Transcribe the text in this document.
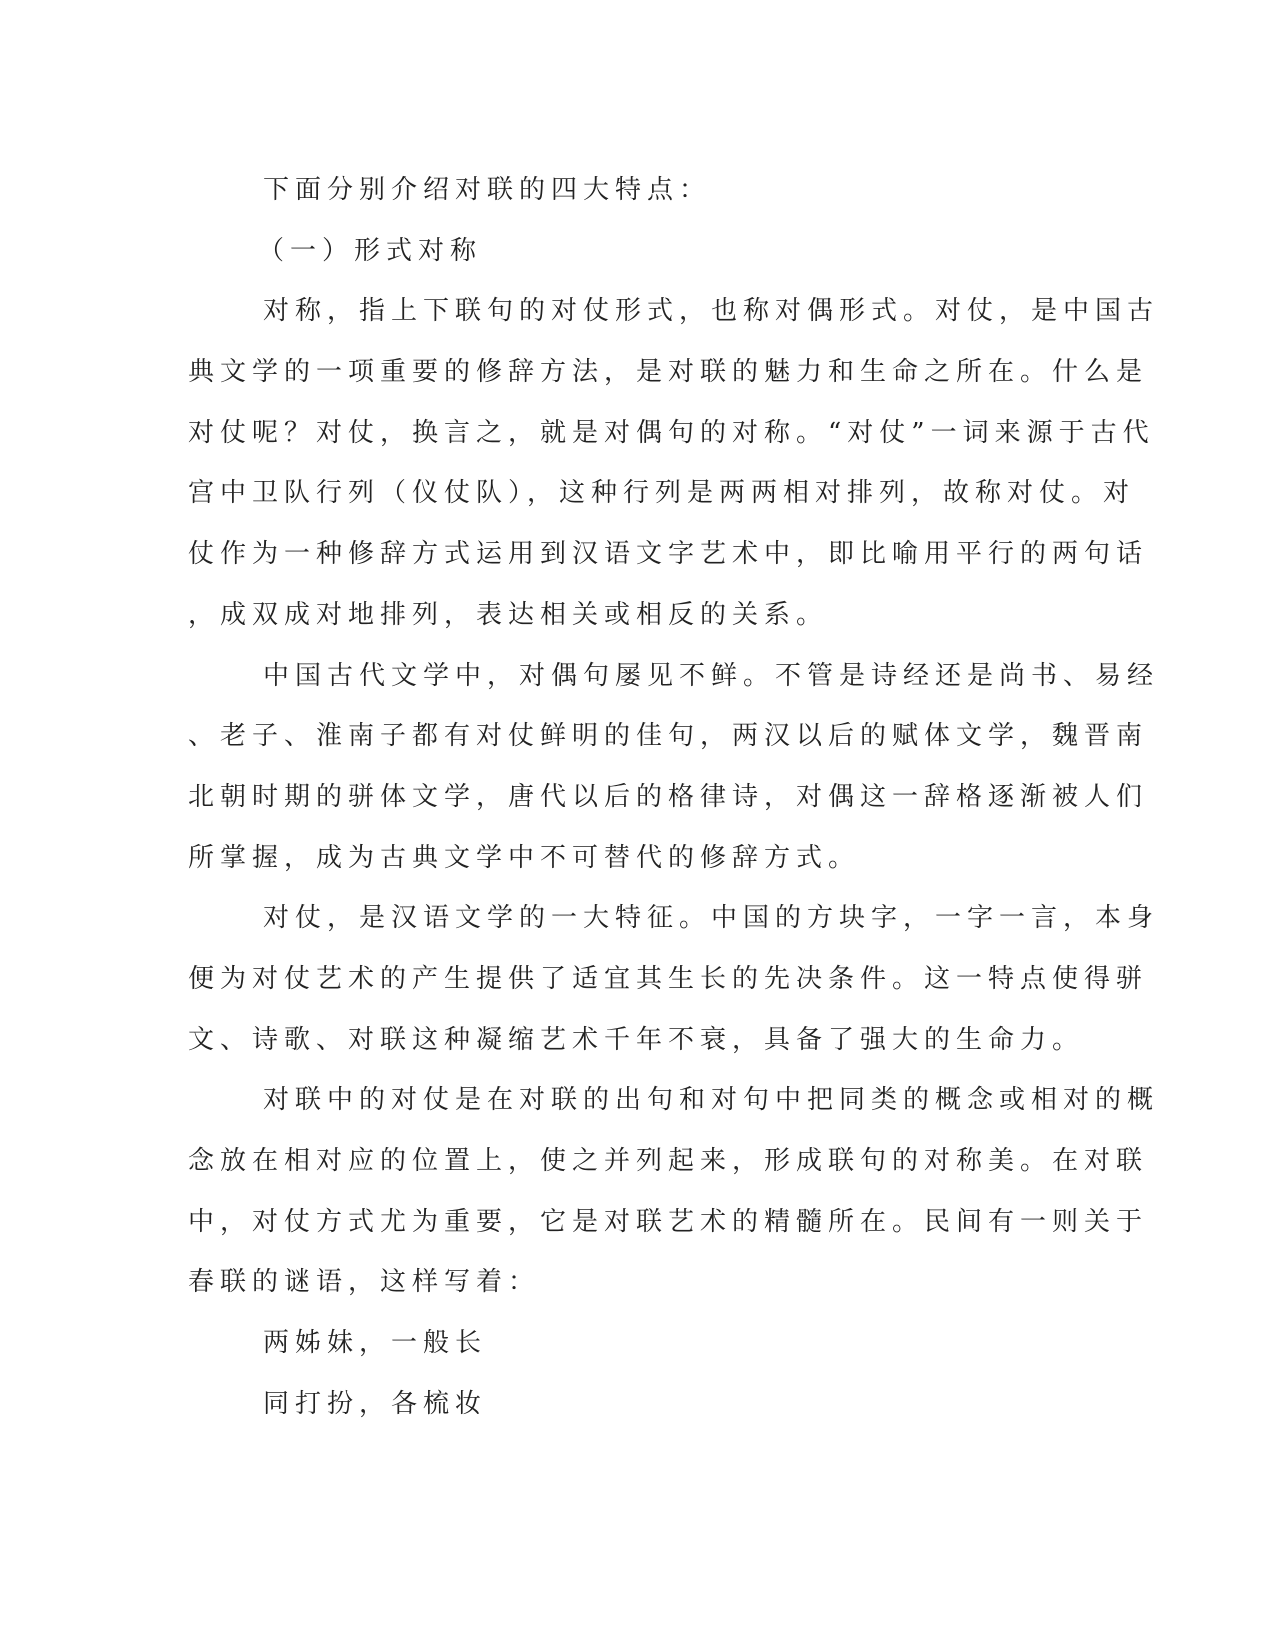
下面分别介绍对联的四大特点：
（一）形式对称
对称，指上下联句的对仗形式，也称对偶形式。对仗，是中国古
典文学的一项重要的修辞方法，是对联的魅力和生命之所在。什么是
对仗呢？对仗，换言之，就是对偶句的对称。“对仗”一词来源于古代
宫中卫队行列（仪仗队），这种行列是两两相对排列，故称对仗。对
仗作为一种修辞方式运用到汉语文字艺术中，即比喻用平行的两句话
，成双成对地排列，表达相关或相反的关系。
中国古代文学中，对偶句屡见不鲜。不管是诗经还是尚书、易经
、老子、淮南子都有对仗鲜明的佳句，两汉以后的赋体文学，魏晋南
北朝时期的骈体文学，唐代以后的格律诗，对偶这一辞格逐渐被人们
所掌握，成为古典文学中不可替代的修辞方式。
对仗，是汉语文学的一大特征。中国的方块字，一字一言，本身
便为对仗艺术的产生提供了适宜其生长的先决条件。这一特点使得骈
文、诗歌、对联这种凝缩艺术千年不衰，具备了强大的生命力。
对联中的对仗是在对联的出句和对句中把同类的概念或相对的概
念放在相对应的位置上，使之并列起来，形成联句的对称美。在对联
中，对仗方式尤为重要，它是对联艺术的精髓所在。民间有一则关于
春联的谜语，这样写着：
两姊妹，一般长
同打扮，各梳妆
